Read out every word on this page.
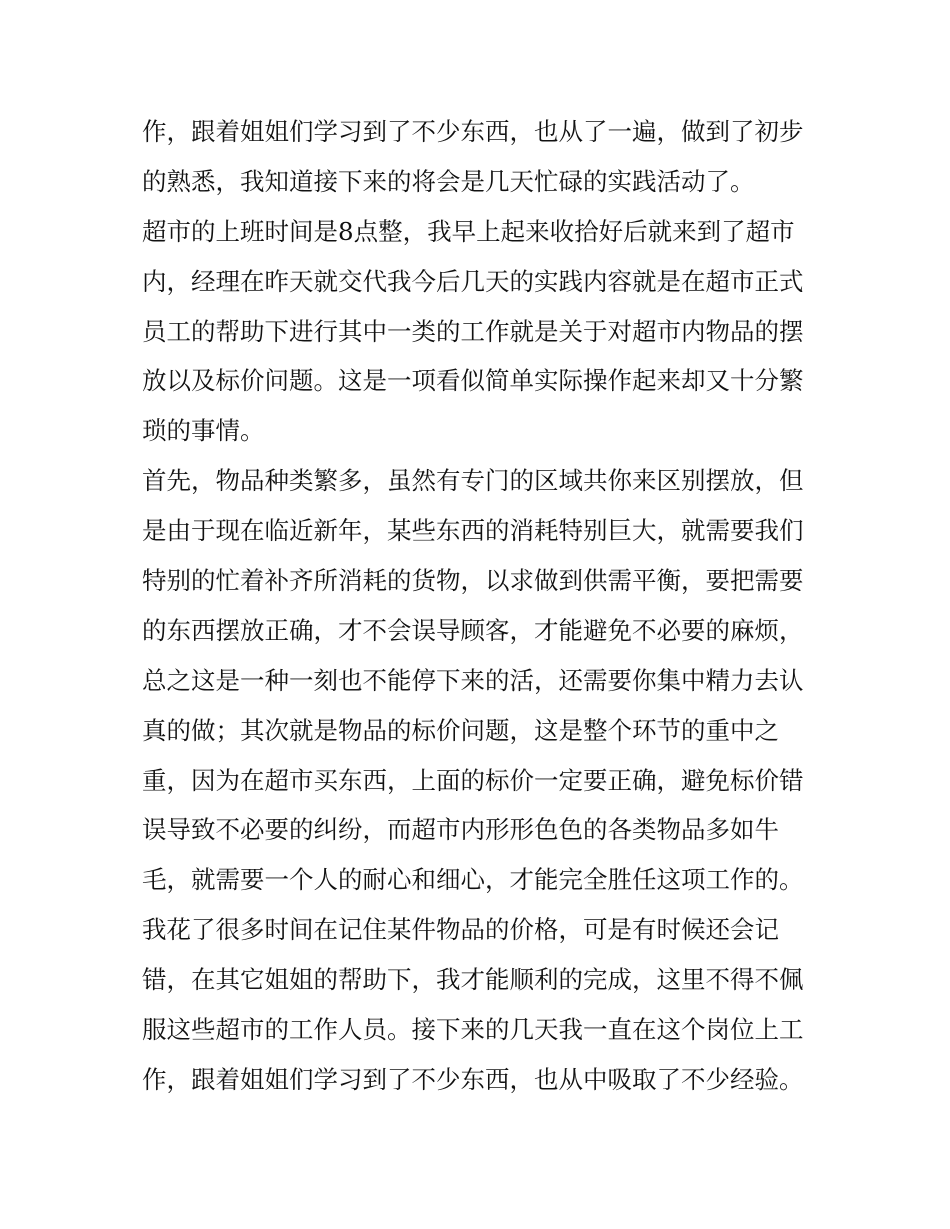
作，跟着姐姐们学习到了不少东西，也从了一遍，做到了初步
的熟悉，我知道接下来的将会是几天忙碌的实践活动了。
超市的上班时间是8点整，我早上起来收拾好后就来到了超市
内，经理在昨天就交代我今后几天的实践内容就是在超市正式
员工的帮助下进行其中一类的工作就是关于对超市内物品的摆
放以及标价问题。这是一项看似简单实际操作起来却又十分繁
琐的事情。
首先，物品种类繁多，虽然有专门的区域共你来区别摆放，但
是由于现在临近新年，某些东西的消耗特别巨大，就需要我们
特别的忙着补齐所消耗的货物，以求做到供需平衡，要把需要
的东西摆放正确，才不会误导顾客，才能避免不必要的麻烦，
总之这是一种一刻也不能停下来的活，还需要你集中精力去认
真的做；其次就是物品的标价问题，这是整个环节的重中之
重，因为在超市买东西，上面的标价一定要正确，避免标价错
误导致不必要的纠纷，而超市内形形色色的各类物品多如牛
毛，就需要一个人的耐心和细心，才能完全胜任这项工作的。
我花了很多时间在记住某件物品的价格，可是有时候还会记
错，在其它姐姐的帮助下，我才能顺利的完成，这里不得不佩
服这些超市的工作人员。接下来的几天我一直在这个岗位上工
作，跟着姐姐们学习到了不少东西，也从中吸取了不少经验。
